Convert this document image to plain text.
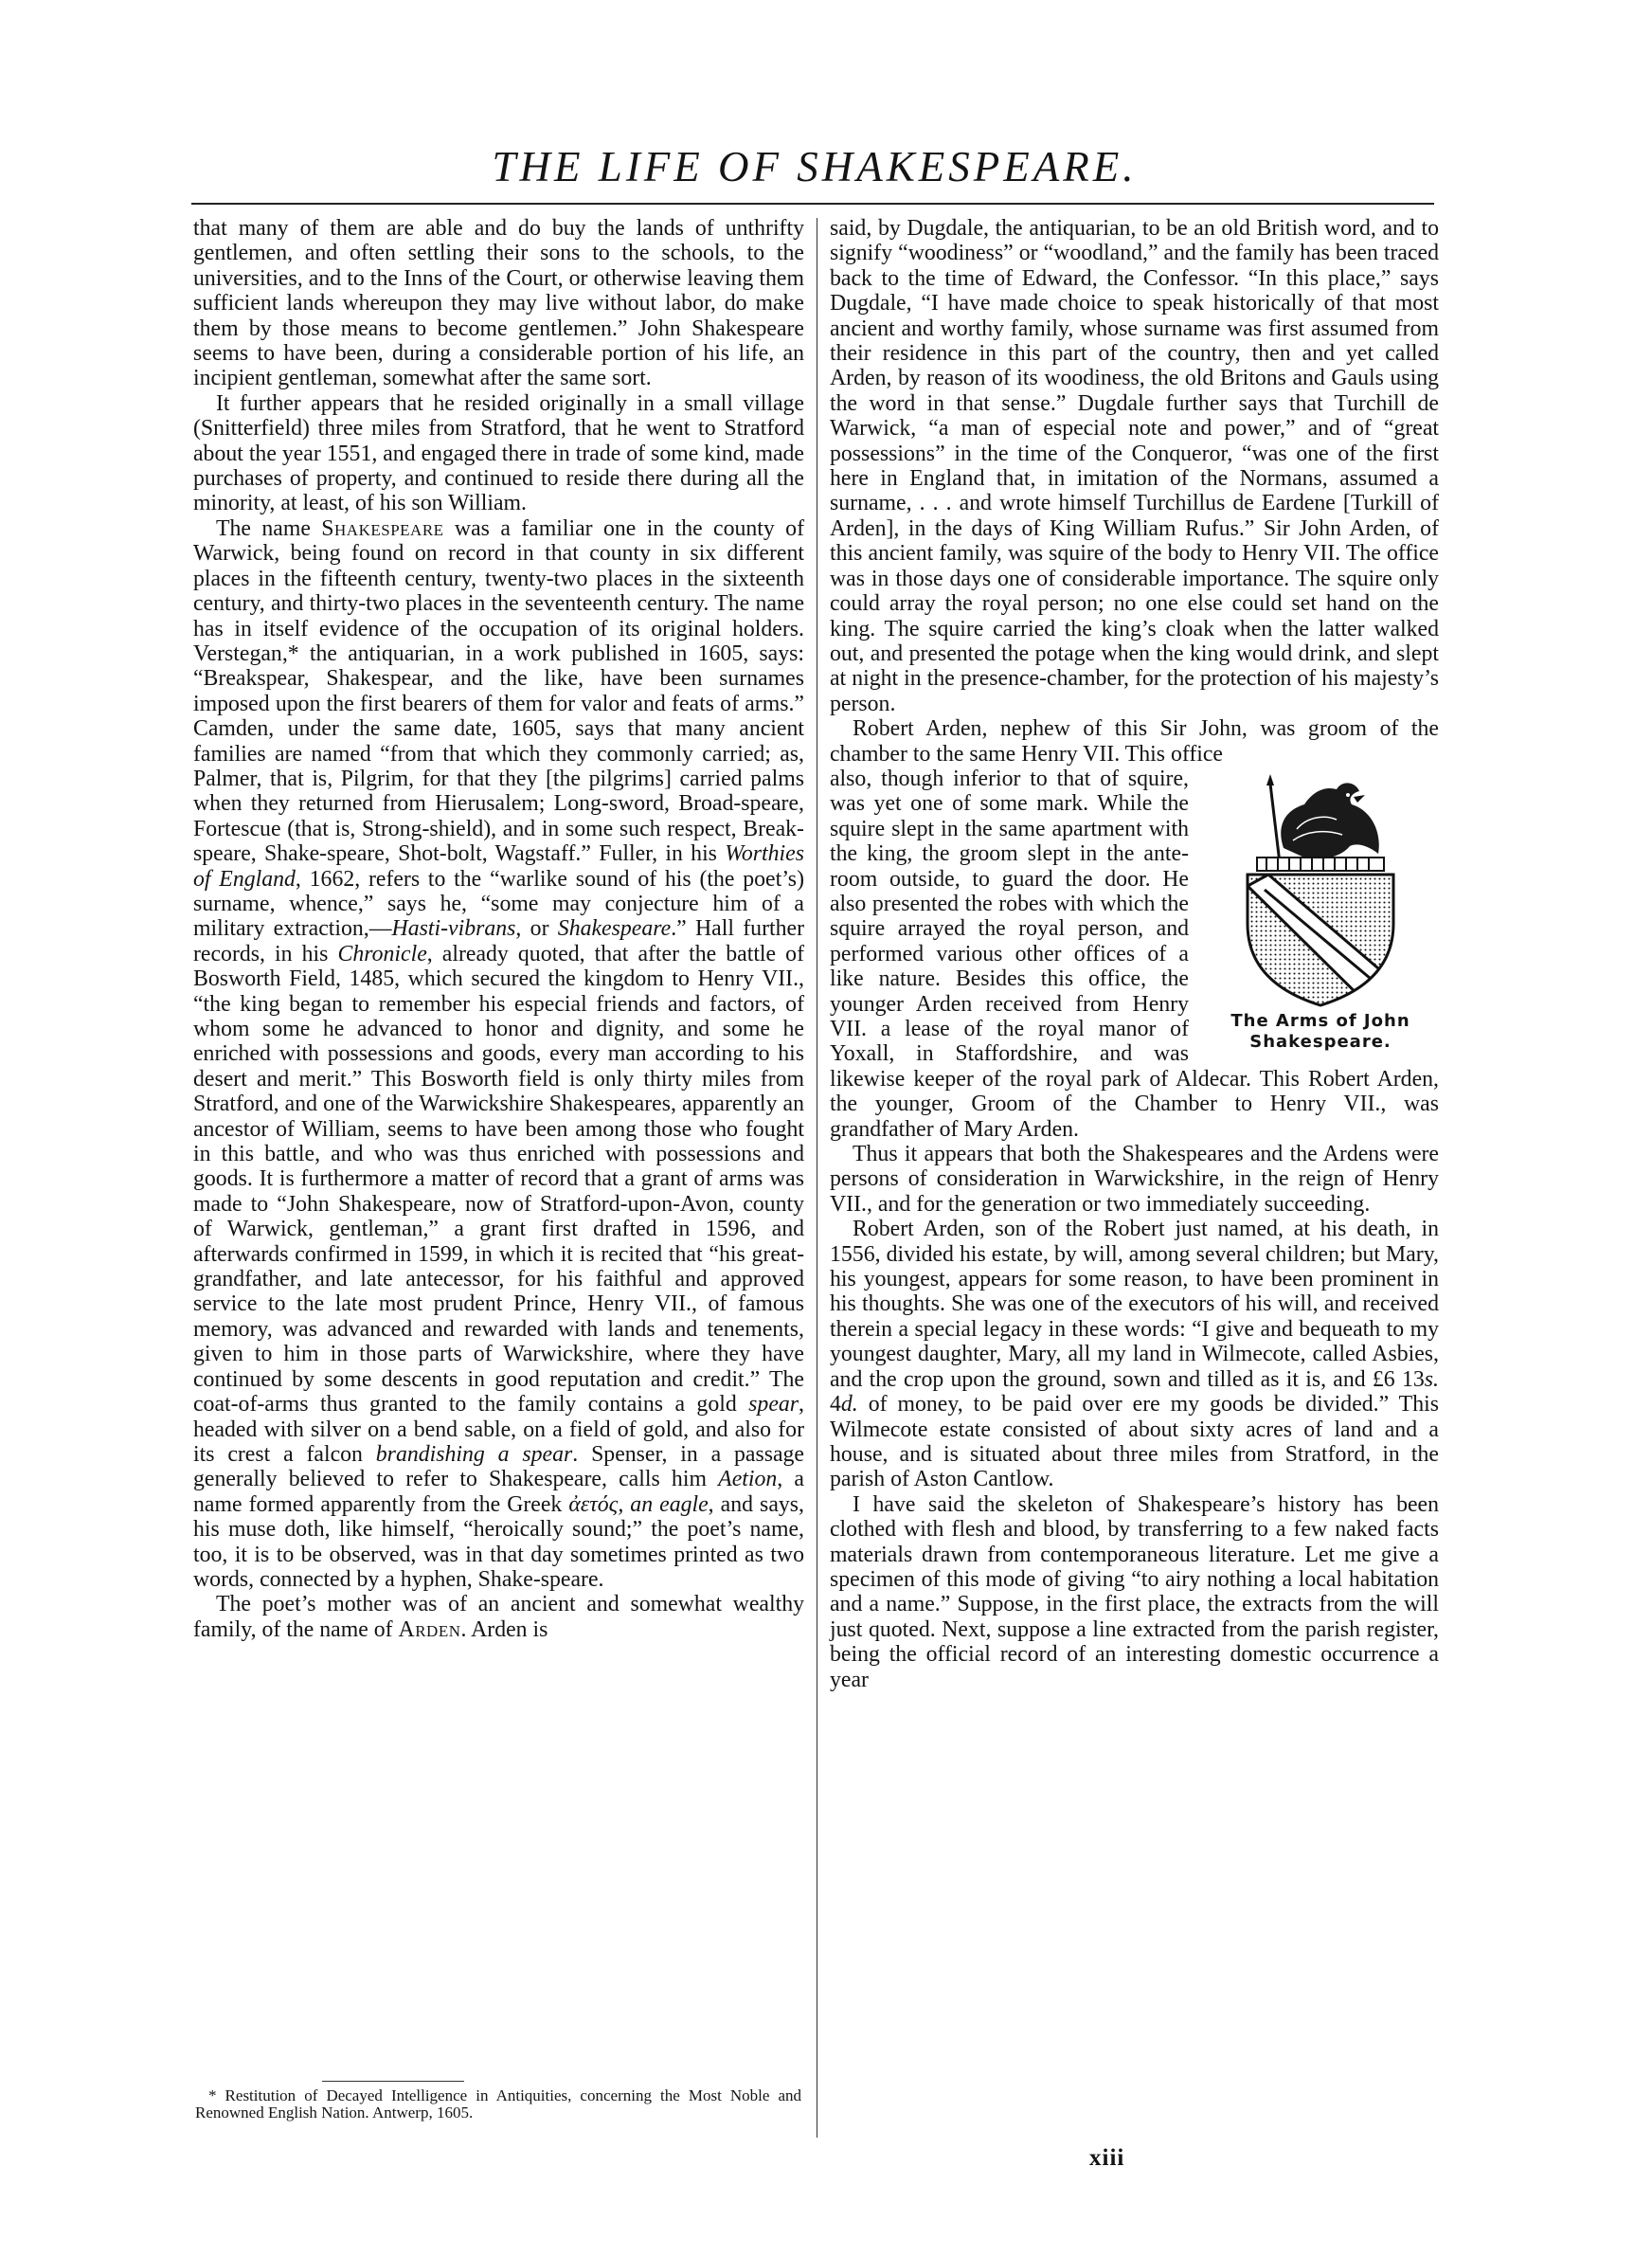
THE LIFE OF SHAKESPEARE.

that many of them are able and do buy the lands of unthrifty gentlemen, and often settling their sons to the schools, to the universities, and to the Inns of the Court, or otherwise leaving them sufficient lands whereupon they may live without labor, do make them by those means to become gentlemen.” John Shakespeare seems to have been, during a considerable portion of his life, an incipient gentleman, somewhat after the same sort.

It further appears that he resided originally in a small village (Snitterfield) three miles from Stratford, that he went to Stratford about the year 1551, and engaged there in trade of some kind, made purchases of property, and continued to reside there during all the minority, at least, of his son William.

The name Shakespeare was a familiar one in the county of Warwick, being found on record in that county in six different places in the fifteenth century, twenty-two places in the sixteenth century, and thirty-two places in the seventeenth century. The name has in itself evidence of the occupation of its original holders. Verstegan,* the antiquarian, in a work published in 1605, says: “Breakspear, Shakespear, and the like, have been surnames imposed upon the first bearers of them for valor and feats of arms.” Camden, under the same date, 1605, says that many ancient families are named “from that which they commonly carried; as, Palmer, that is, Pilgrim, for that they [the pilgrims] carried palms when they returned from Hierusalem; Long-sword, Broad-speare, Fortescue (that is, Strong-shield), and in some such respect, Break-speare, Shake-speare, Shot-bolt, Wagstaff.” Fuller, in his Worthies of England, 1662, refers to the “warlike sound of his (the poet’s) surname, whence,” says he, “some may conjecture him of a military extraction,—Hasti-vibrans, or Shakespeare.” Hall further records, in his Chronicle, already quoted, that after the battle of Bosworth Field, 1485, which secured the kingdom to Henry VII., “the king began to remember his especial friends and factors, of whom some he advanced to honor and dignity, and some he enriched with possessions and goods, every man according to his desert and merit.” This Bosworth field is only thirty miles from Stratford, and one of the Warwickshire Shakespeares, apparently an ancestor of William, seems to have been among those who fought in this battle, and who was thus enriched with possessions and goods. It is furthermore a matter of record that a grant of arms was made to “John Shakespeare, now of Stratford-upon-Avon, county of Warwick, gentleman,” a grant first drafted in 1596, and afterwards confirmed in 1599, in which it is recited that “his great-grandfather, and late antecessor, for his faithful and approved service to the late most prudent Prince, Henry VII., of famous memory, was advanced and rewarded with lands and tenements, given to him in those parts of Warwickshire, where they have continued by some descents in good reputation and credit.” The coat-of-arms thus granted to the family contains a gold spear, headed with silver on a bend sable, on a field of gold, and also for its crest a falcon brandishing a spear. Spenser, in a passage generally believed to refer to Shakespeare, calls him Aetion, a name formed apparently from the Greek ἀετός, an eagle, and says, his muse doth, like himself, “heroically sound;” the poet’s name, too, it is to be observed, was in that day sometimes printed as two words, connected by a hyphen, Shake-speare.

The poet’s mother was of an ancient and somewhat wealthy family, of the name of Arden. Arden is

* Restitution of Decayed Intelligence in Antiquities, concerning the Most Noble and Renowned English Nation. Antwerp, 1605.

said, by Dugdale, the antiquarian, to be an old British word, and to signify “woodiness” or “woodland,” and the family has been traced back to the time of Edward, the Confessor. “In this place,” says Dugdale, “I have made choice to speak historically of that most ancient and worthy family, whose surname was first assumed from their residence in this part of the country, then and yet called Arden, by reason of its woodiness, the old Britons and Gauls using the word in that sense.” Dugdale further says that Turchill de Warwick, “a man of especial note and power,” and of “great possessions” in the time of the Conqueror, “was one of the first here in England that, in imitation of the Normans, assumed a surname, . . . and wrote himself Turchillus de Eardene [Turkill of Arden], in the days of King William Rufus.” Sir John Arden, of this ancient family, was squire of the body to Henry VII. The office was in those days one of considerable importance. The squire only could array the royal person; no one else could set hand on the king. The squire carried the king’s cloak when the latter walked out, and presented the potage when the king would drink, and slept at night in the presence-chamber, for the protection of his majesty’s person.

Robert Arden, nephew of this Sir John, was groom of the chamber to the same Henry VII. This office

The Arms of John
Shakespeare.

also, though inferior to that of squire, was yet one of some mark. While the squire slept in the same apartment with the king, the groom slept in the ante-room outside, to guard the door. He also presented the robes with which the squire arrayed the royal person, and performed various other offices of a like nature. Besides this office, the younger Arden received from Henry VII. a lease of the royal manor of Yoxall, in Staffordshire, and was likewise keeper of the royal park of Aldecar. This Robert Arden, the younger, Groom of the Chamber to Henry VII., was grandfather of Mary Arden.

Thus it appears that both the Shakespeares and the Ardens were persons of consideration in Warwickshire, in the reign of Henry VII., and for the generation or two immediately succeeding.

Robert Arden, son of the Robert just named, at his death, in 1556, divided his estate, by will, among several children; but Mary, his youngest, appears for some reason, to have been prominent in his thoughts. She was one of the executors of his will, and received therein a special legacy in these words: “I give and bequeath to my youngest daughter, Mary, all my land in Wilmecote, called Asbies, and the crop upon the ground, sown and tilled as it is, and £6 13s. 4d. of money, to be paid over ere my goods be divided.” This Wilmecote estate consisted of about sixty acres of land and a house, and is situated about three miles from Stratford, in the parish of Aston Cantlow.

I have said the skeleton of Shakespeare’s history has been clothed with flesh and blood, by transferring to a few naked facts materials drawn from contemporaneous literature. Let me give a specimen of this mode of giving “to airy nothing a local habitation and a name.” Suppose, in the first place, the extracts from the will just quoted. Next, suppose a line extracted from the parish register, being the official record of an interesting domestic occurrence a year

xiii
